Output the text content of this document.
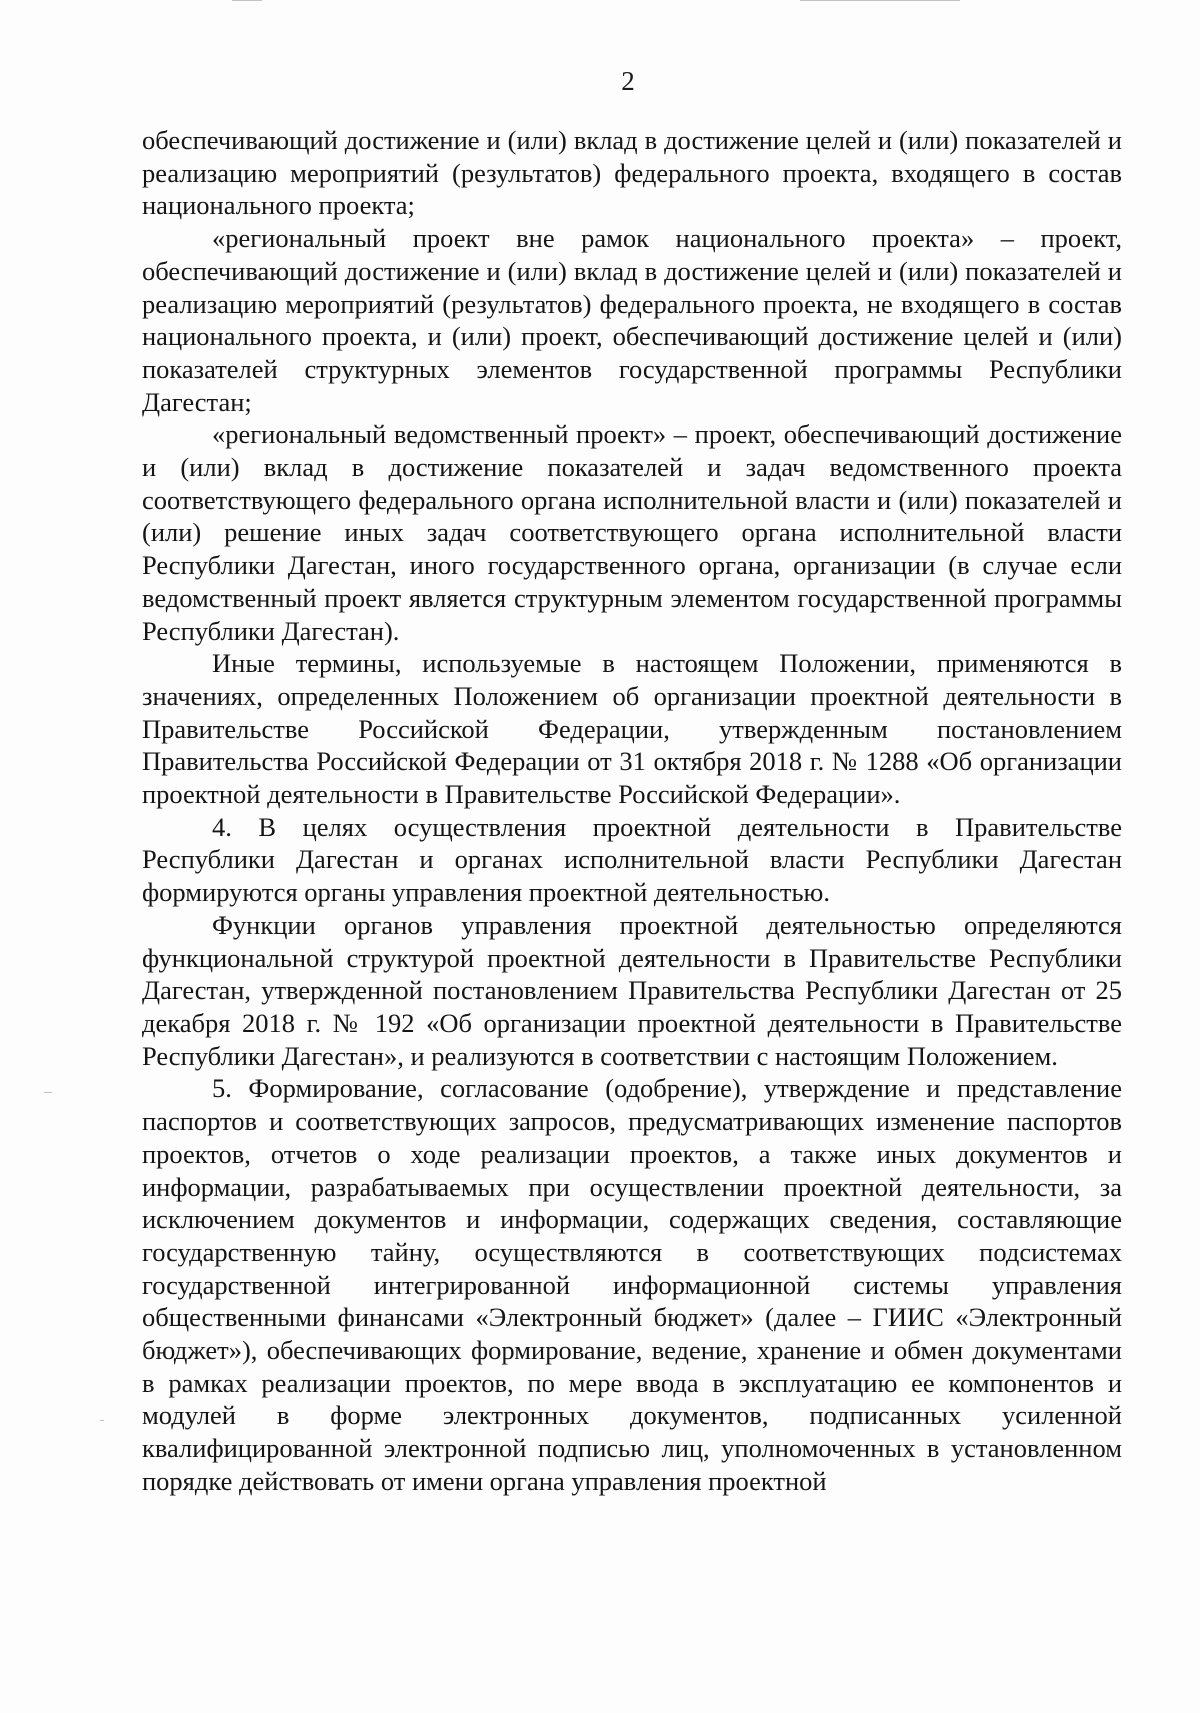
2

обеспечивающий достижение и (или) вклад в достижение целей и (или) показателей и реализацию мероприятий (результатов) федерального проекта, входящего в состав национального проекта;

«региональный проект вне рамок национального проекта» – проект, обеспечивающий достижение и (или) вклад в достижение целей и (или) показателей и реализацию мероприятий (результатов) федерального проекта, не входящего в состав национального проекта, и (или) проект, обеспечивающий достижение целей и (или) показателей структурных элементов государственной программы Республики Дагестан;

«региональный ведомственный проект» – проект, обеспечивающий достижение и (или) вклад в достижение показателей и задач ведомственного проекта соответствующего федерального органа исполнительной власти и (или) показателей и (или) решение иных задач соответствующего органа исполнительной власти Республики Дагестан, иного государственного органа, организации (в случае если ведомственный проект является структурным элементом государственной программы Республики Дагестан).

Иные термины, используемые в настоящем Положении, применяются в значениях, определенных Положением об организации проектной деятельности в Правительстве Российской Федерации, утвержденным постановлением Правительства Российской Федерации от 31 октября 2018 г. № 1288 «Об организации проектной деятельности в Правительстве Российской Федерации».

4. В целях осуществления проектной деятельности в Правительстве Республики Дагестан и органах исполнительной власти Республики Дагестан формируются органы управления проектной деятельностью.

Функции органов управления проектной деятельностью определяются функциональной структурой проектной деятельности в Правительстве Республики Дагестан, утвержденной постановлением Правительства Республики Дагестан от 25 декабря 2018 г. № 192 «Об организации проектной деятельности в Правительстве Республики Дагестан», и реализуются в соответствии с настоящим Положением.

5. Формирование, согласование (одобрение), утверждение и представление паспортов и соответствующих запросов, предусматривающих изменение паспортов проектов, отчетов о ходе реализации проектов, а также иных документов и информации, разрабатываемых при осуществлении проектной деятельности, за исключением документов и информации, содержащих сведения, составляющие государственную тайну, осуществляются в соответствующих подсистемах государственной интегрированной информационной системы управления общественными финансами «Электронный бюджет» (далее – ГИИС «Электронный бюджет»), обеспечивающих формирование, ведение, хранение и обмен документами в рамках реализации проектов, по мере ввода в эксплуатацию ее компонентов и модулей в форме электронных документов, подписанных усиленной квалифицированной электронной подписью лиц, уполномоченных в установленном порядке действовать от имени органа управления проектной
